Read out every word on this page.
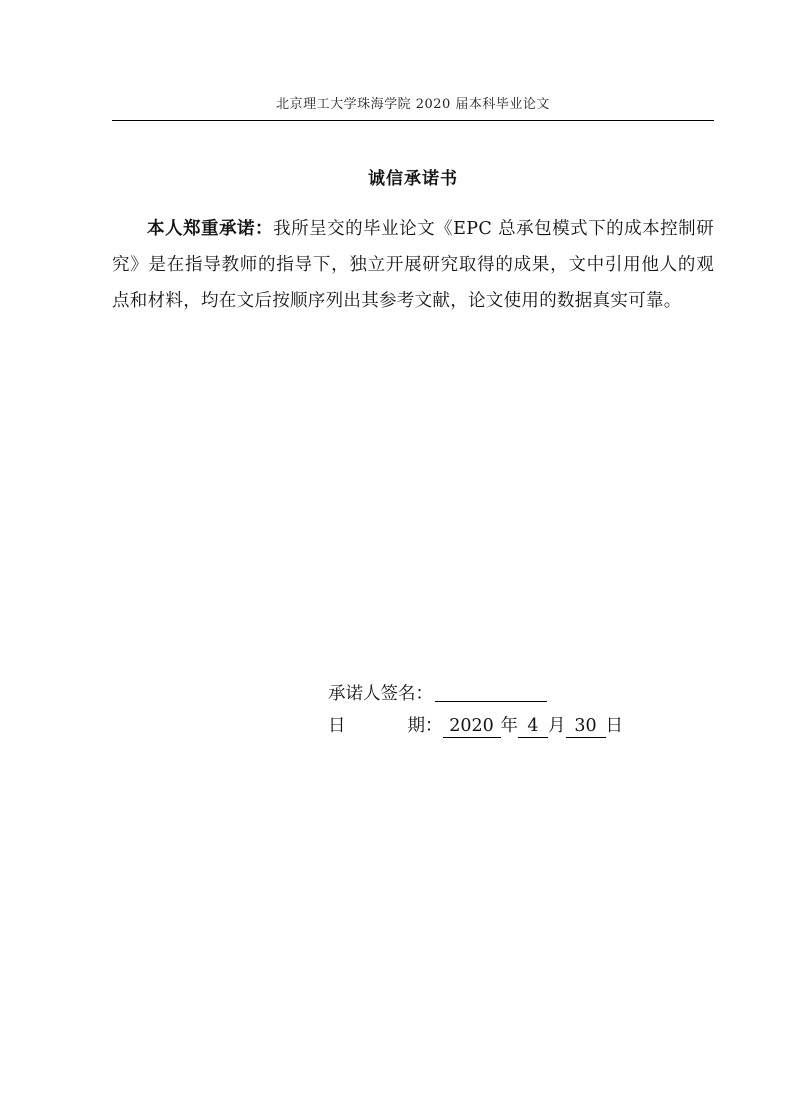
北京理工大学珠海学院 2020 届本科毕业论文
诚信承诺书
本人郑重承诺：我所呈交的毕业论文《EPC 总承包模式下的成本控制研究》是在指导教师的指导下，独立开展研究取得的成果，文中引用他人的观点和材料，均在文后按顺序列出其参考文献，论文使用的数据真实可靠。
承诺人签名：
日	期： 2020 年 4 月 30 日
